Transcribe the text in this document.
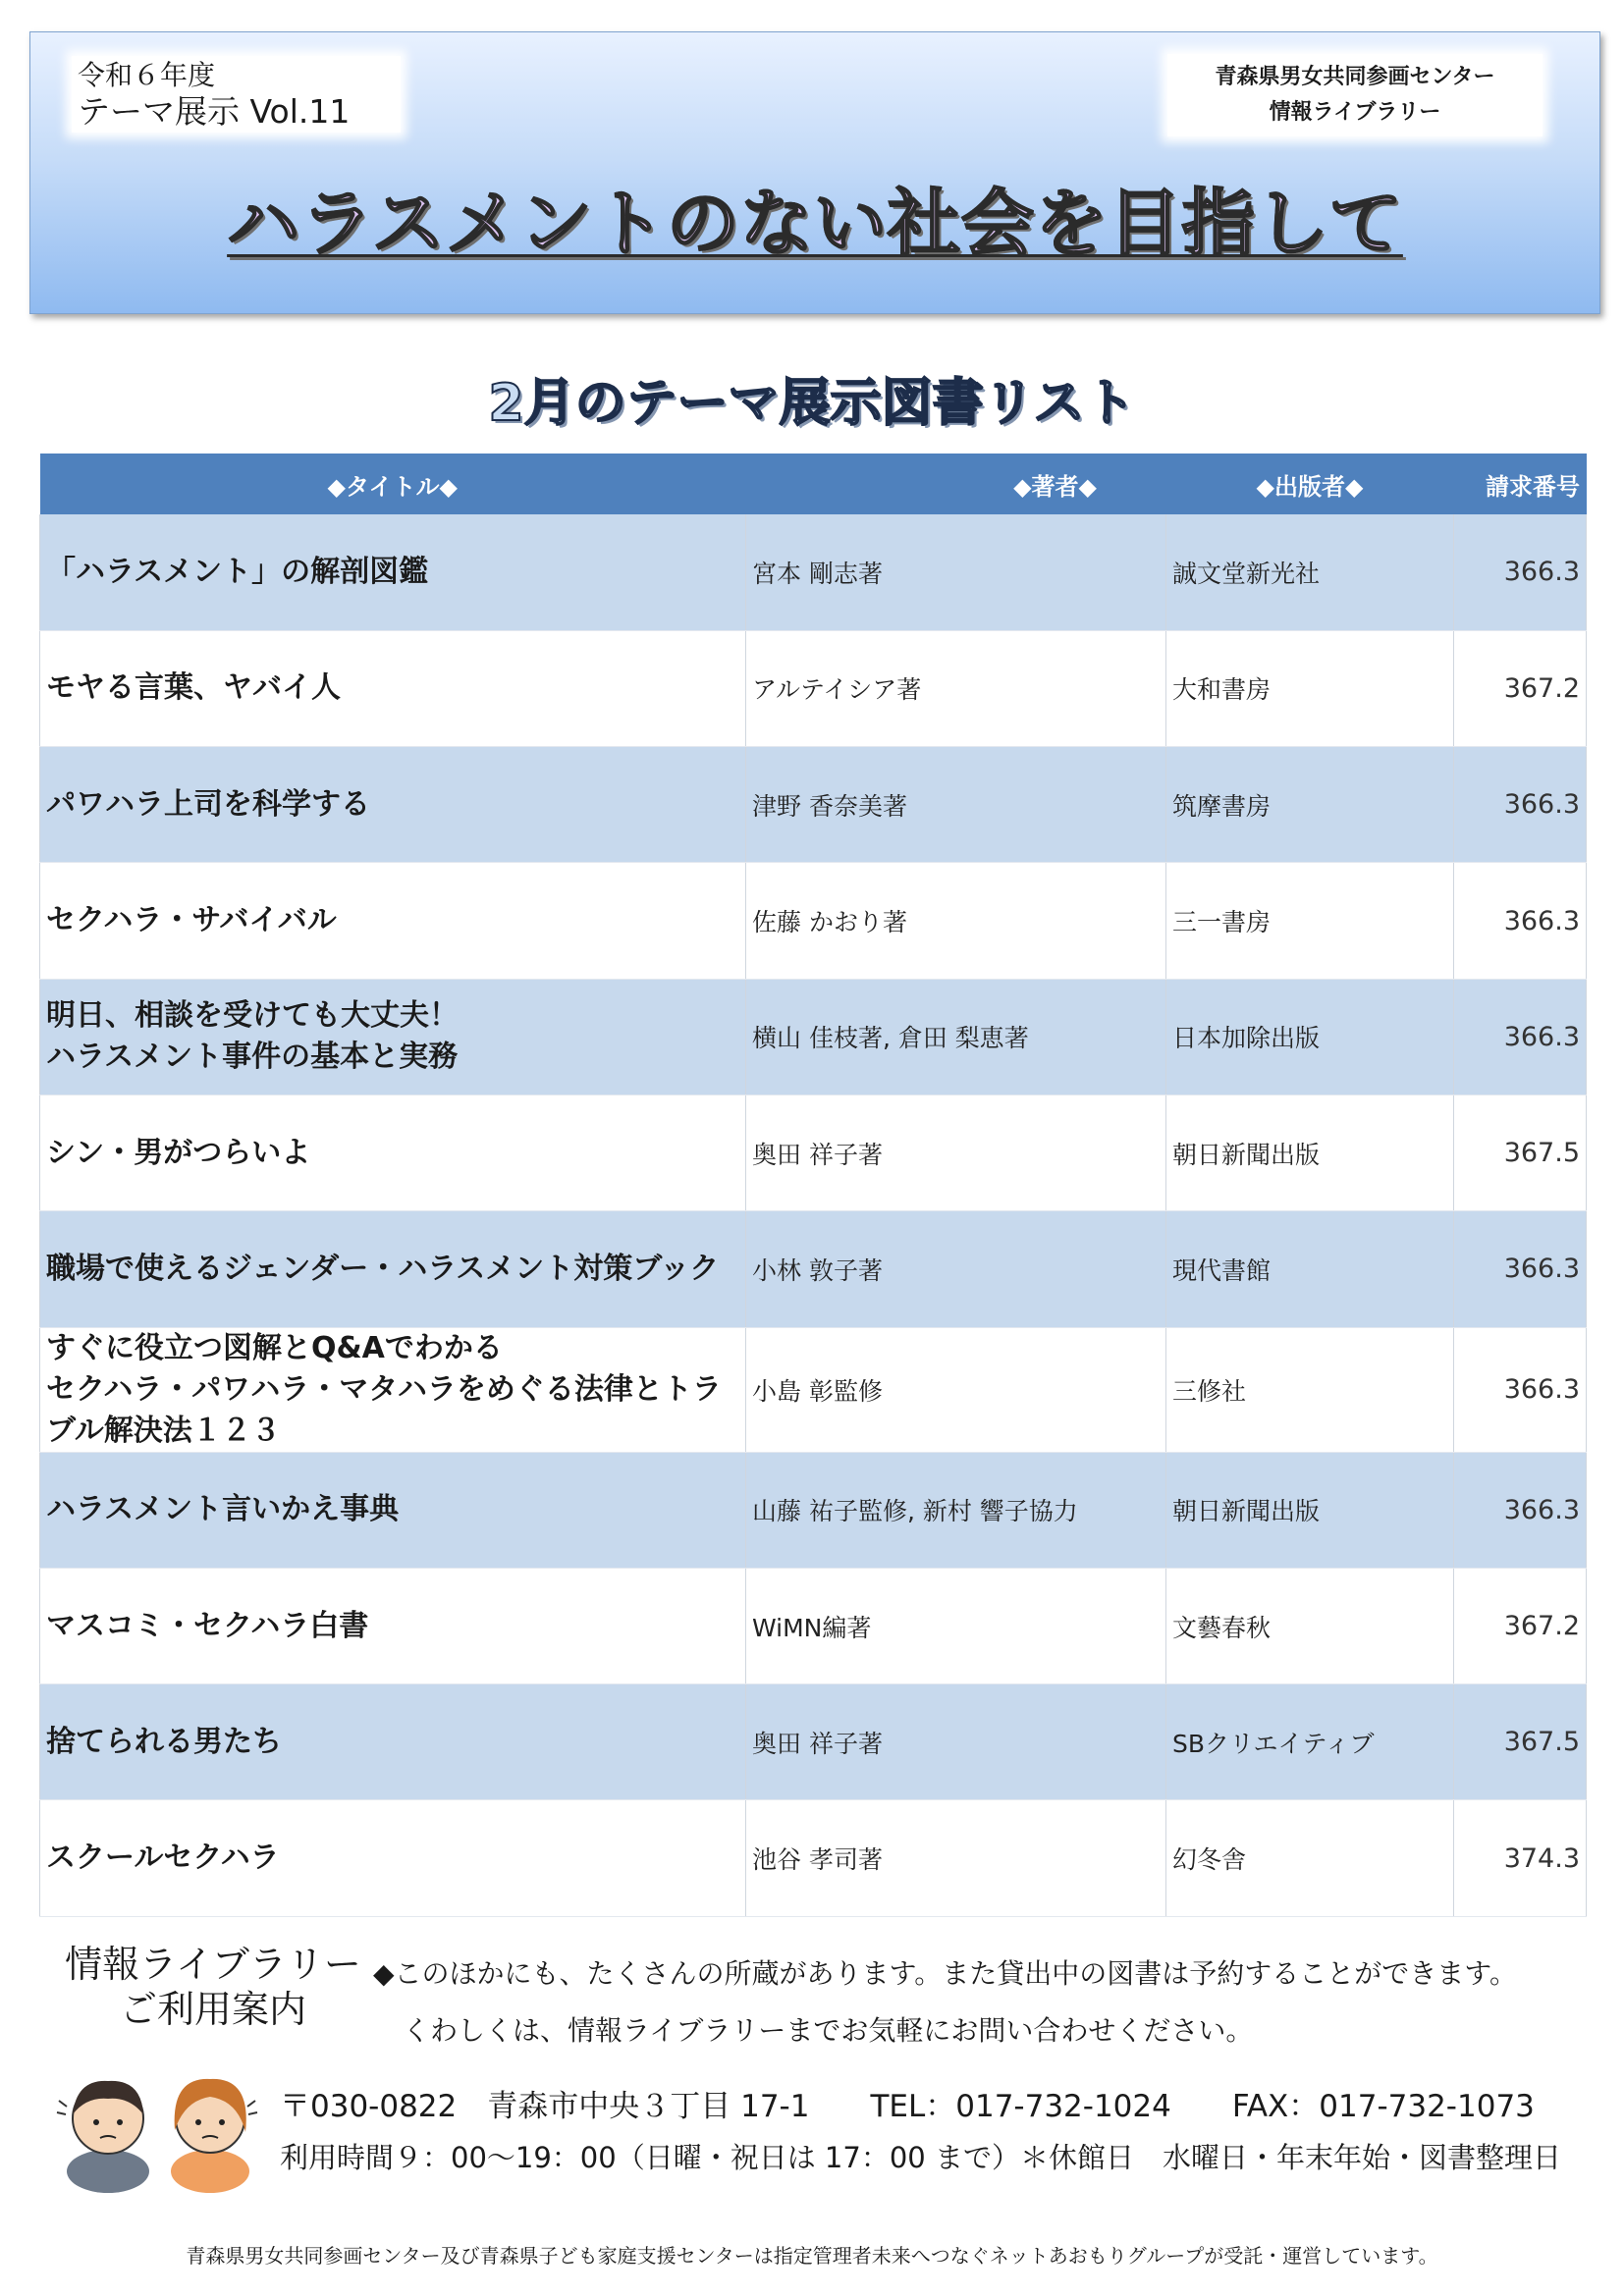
令和６年度
テーマ展示 Vol.11
青森県男女共同参画センター
情報ライブラリー
ハラスメントのない社会を目指して
2月のテーマ展示図書リスト
◆タイトル◆	◆著者◆	◆出版者◆	請求番号
「ハラスメント」の解剖図鑑	宮本 剛志著	誠文堂新光社	366.3
モヤる言葉、ヤバイ人	アルテイシア著	大和書房	367.2
パワハラ上司を科学する	津野 香奈美著	筑摩書房	366.3
セクハラ・サバイバル	佐藤 かおり著	三一書房	366.3
明日、相談を受けても大丈夫！
ハラスメント事件の基本と実務	横山 佳枝著, 倉田 梨恵著	日本加除出版	366.3
シン・男がつらいよ	奥田 祥子著	朝日新聞出版	367.5
職場で使えるジェンダー・ハラスメント対策ブック	小林 敦子著	現代書館	366.3
すぐに役立つ図解とQ&Aでわかる
セクハラ・パワハラ・マタハラをめぐる法律とトラブル解決法１２３	小島 彰監修	三修社	366.3
ハラスメント言いかえ事典	山藤 祐子監修, 新村 響子協力	朝日新聞出版	366.3
マスコミ・セクハラ白書	WiMN編著	文藝春秋	367.2
捨てられる男たち	奥田 祥子著	SBクリエイティブ	367.5
スクールセクハラ	池谷 孝司著	幻冬舎	374.3
情報ライブラリー
ご利用案内
◆このほかにも、たくさんの所蔵があります。また貸出中の図書は予約することができます。
くわしくは、情報ライブラリーまでお気軽にお問い合わせください。
〒030-0822　青森市中央３丁目 17-1　　TEL：017-732-1024　　FAX：017-732-1073
利用時間９：00～19：00（日曜・祝日は 17：00 まで）＊休館日　水曜日・年末年始・図書整理日
青森県男女共同参画センター及び青森県子ども家庭支援センターは指定管理者未来へつなぐネットあおもりグループが受託・運営しています。
